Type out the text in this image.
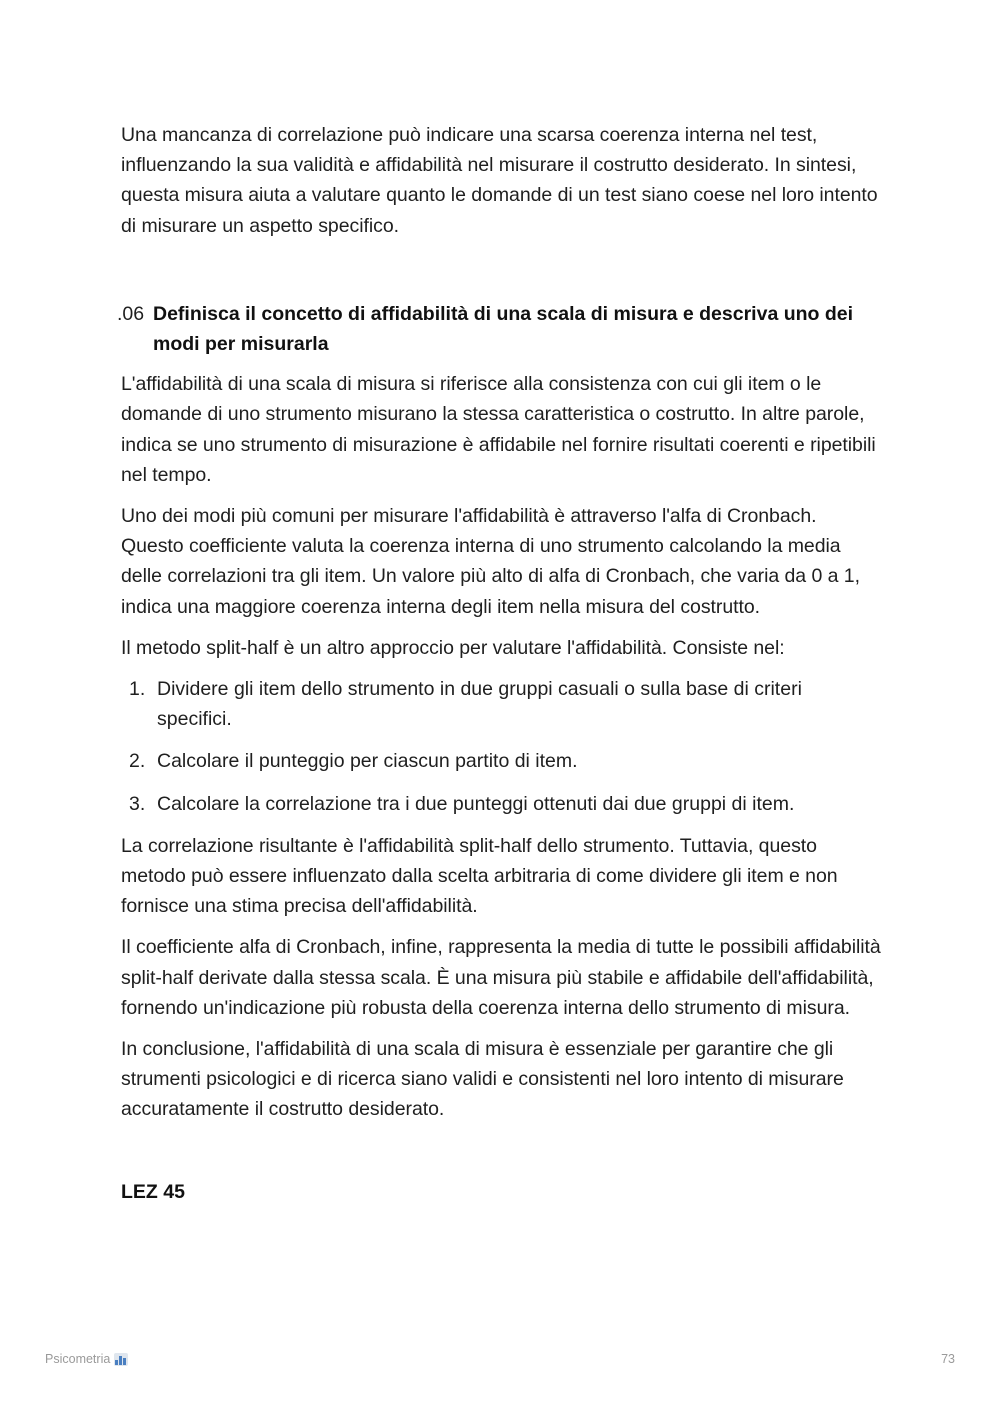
Una mancanza di correlazione può indicare una scarsa coerenza interna nel test, influenzando la sua validità e affidabilità nel misurare il costrutto desiderato. In sintesi, questa misura aiuta a valutare quanto le domande di un test siano coese nel loro intento di misurare un aspetto specifico.

06. Definisca il concetto di affidabilità di una scala di misura e descriva uno dei modi per misurarla

L'affidabilità di una scala di misura si riferisce alla consistenza con cui gli item o le domande di uno strumento misurano la stessa caratteristica o costrutto. In altre parole, indica se uno strumento di misurazione è affidabile nel fornire risultati coerenti e ripetibili nel tempo.

Uno dei modi più comuni per misurare l'affidabilità è attraverso l'alfa di Cronbach. Questo coefficiente valuta la coerenza interna di uno strumento calcolando la media delle correlazioni tra gli item. Un valore più alto di alfa di Cronbach, che varia da 0 a 1, indica una maggiore coerenza interna degli item nella misura del costrutto.

Il metodo split-half è un altro approccio per valutare l'affidabilità. Consiste nel:

1. Dividere gli item dello strumento in due gruppi casuali o sulla base di criteri specifici.
2. Calcolare il punteggio per ciascun partito di item.
3. Calcolare la correlazione tra i due punteggi ottenuti dai due gruppi di item.

La correlazione risultante è l'affidabilità split-half dello strumento. Tuttavia, questo metodo può essere influenzato dalla scelta arbitraria di come dividere gli item e non fornisce una stima precisa dell'affidabilità.

Il coefficiente alfa di Cronbach, infine, rappresenta la media di tutte le possibili affidabilità split-half derivate dalla stessa scala. È una misura più stabile e affidabile dell'affidabilità, fornendo un'indicazione più robusta della coerenza interna dello strumento di misura.

In conclusione, l'affidabilità di una scala di misura è essenziale per garantire che gli strumenti psicologici e di ricerca siano validi e consistenti nel loro intento di misurare accuratamente il costrutto desiderato.

LEZ 45
Psicometria	73
